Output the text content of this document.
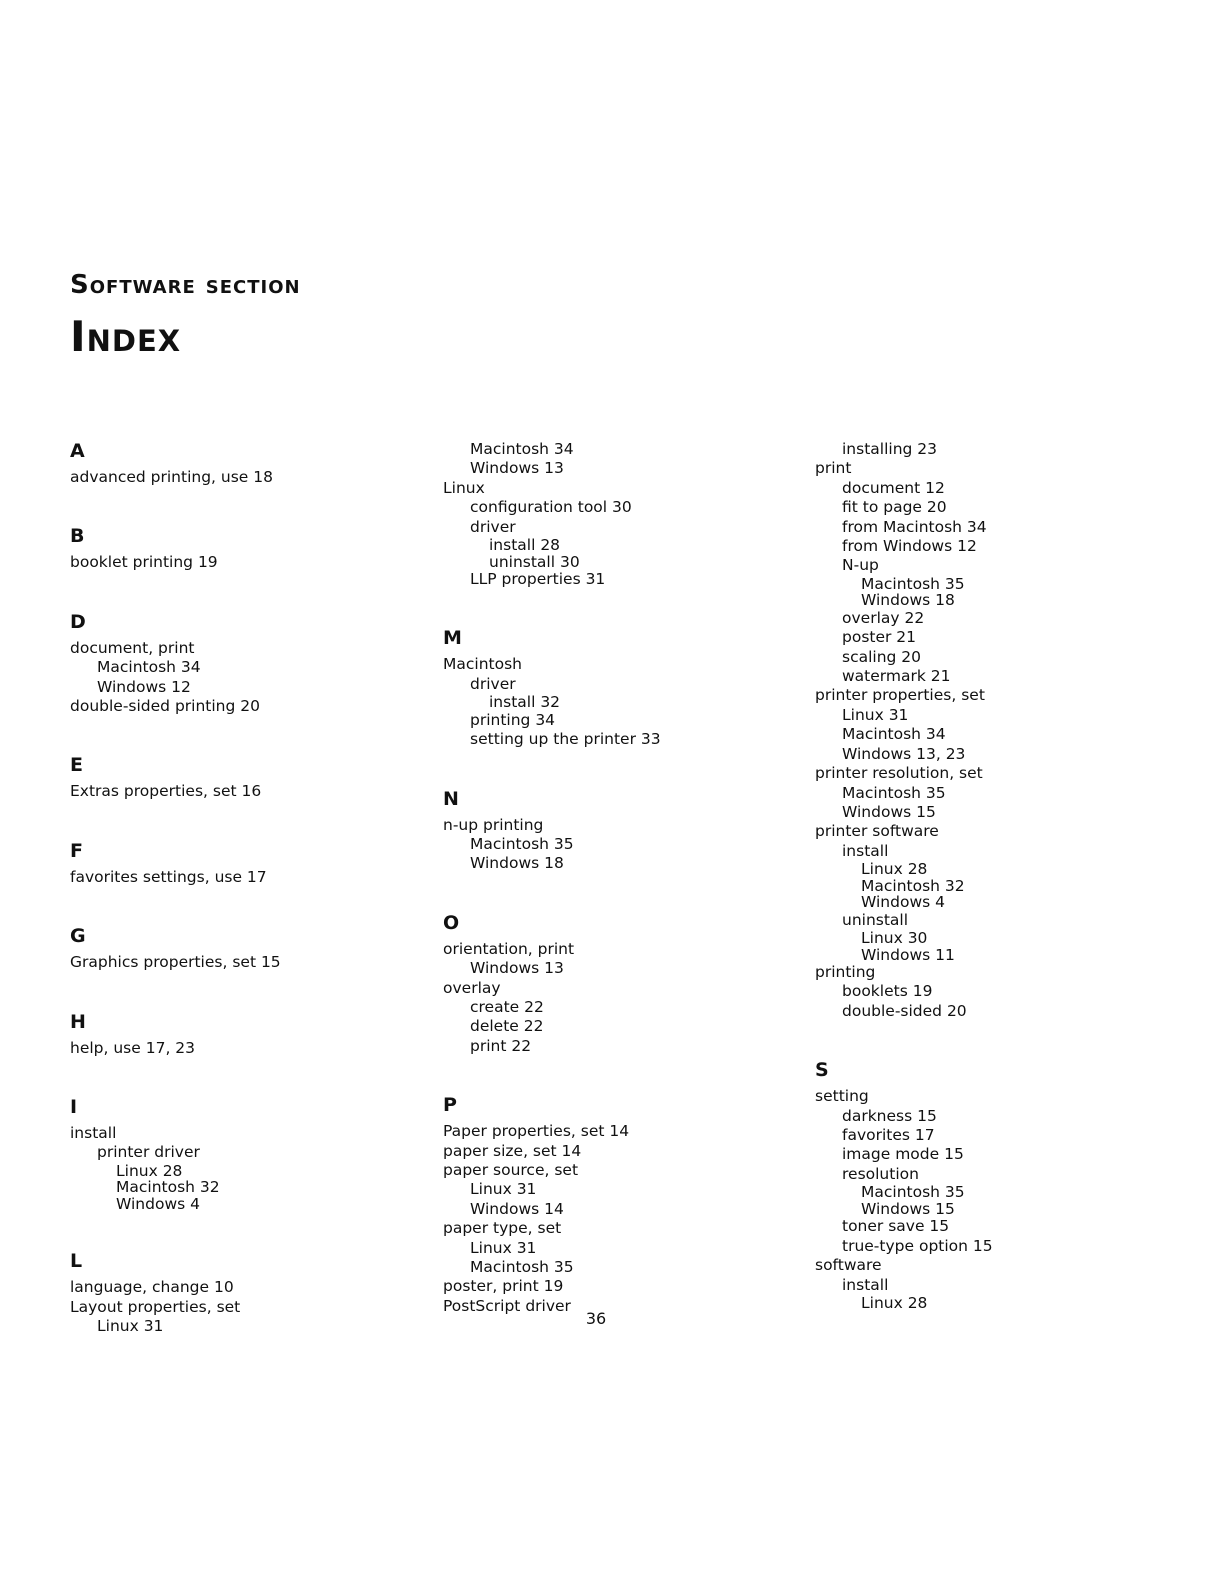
Software section
Index
A
advanced printing, use 18
B
booklet printing 19
D
document, print
Macintosh 34
Windows 12
double-sided printing 20
E
Extras properties, set 16
F
favorites settings, use 17
G
Graphics properties, set 15
H
help, use 17, 23
I
install
printer driver
Linux 28
Macintosh 32
Windows 4
L
language, change 10
Layout properties, set
Linux 31
Macintosh 34
Windows 13
Linux
configuration tool 30
driver
install 28
uninstall 30
LLP properties 31
M
Macintosh
driver
install 32
printing 34
setting up the printer 33
N
n-up printing
Macintosh 35
Windows 18
O
orientation, print
Windows 13
overlay
create 22
delete 22
print 22
P
Paper properties, set 14
paper size, set 14
paper source, set
Linux 31
Windows 14
paper type, set
Linux 31
Macintosh 35
poster, print 19
PostScript driver
installing 23
print
document 12
fit to page 20
from Macintosh 34
from Windows 12
N-up
Macintosh 35
Windows 18
overlay 22
poster 21
scaling 20
watermark 21
printer properties, set
Linux 31
Macintosh 34
Windows 13, 23
printer resolution, set
Macintosh 35
Windows 15
printer software
install
Linux 28
Macintosh 32
Windows 4
uninstall
Linux 30
Windows 11
printing
booklets 19
double-sided 20
S
setting
darkness 15
favorites 17
image mode 15
resolution
Macintosh 35
Windows 15
toner save 15
true-type option 15
software
install
Linux 28
36
